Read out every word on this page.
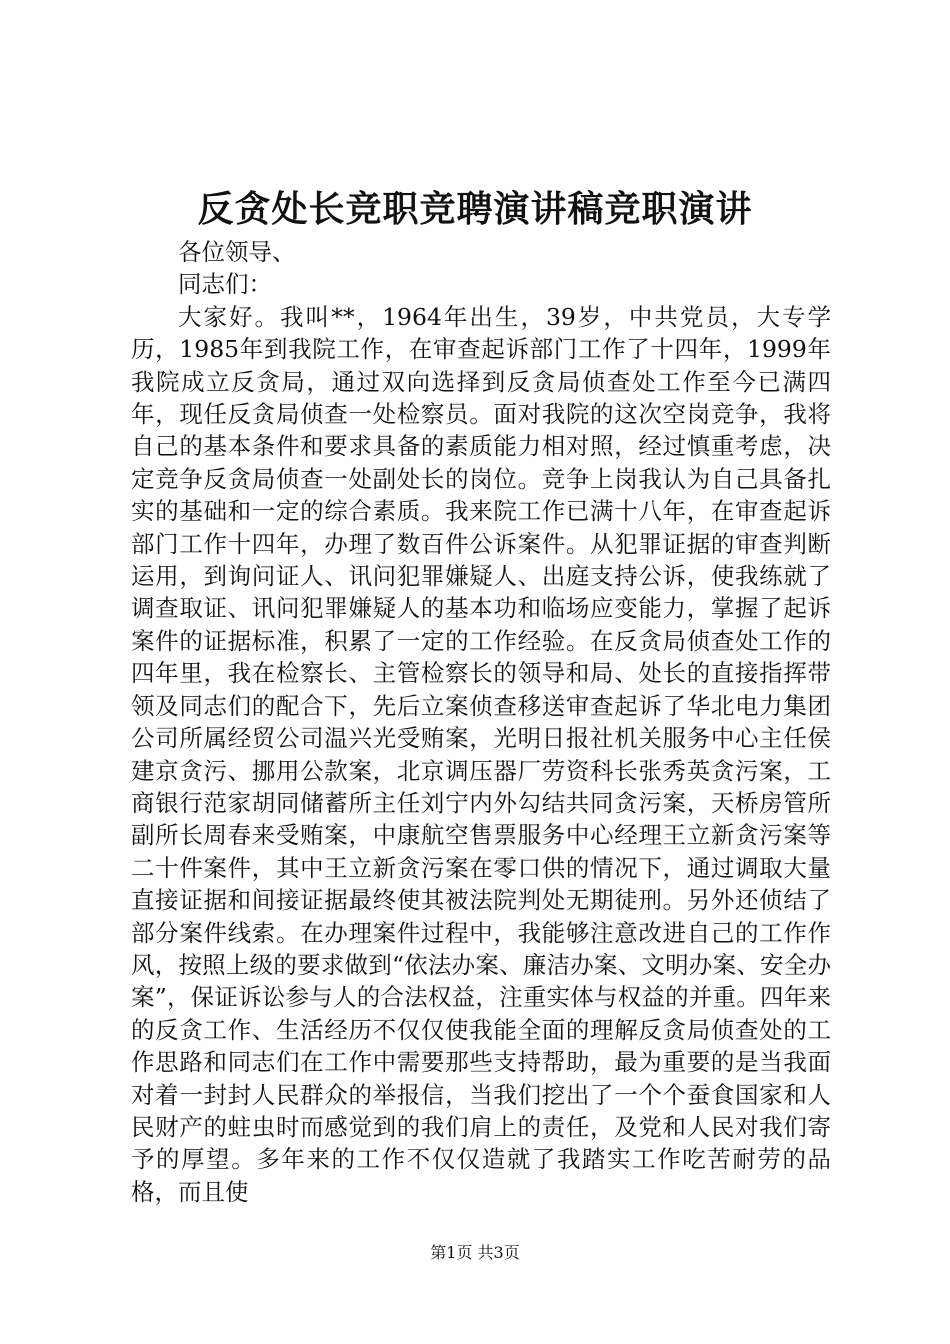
反贪处长竞职竞聘演讲稿竞职演讲

各位领导、

同志们：

大家好。我叫**，1964年出生，39岁，中共党员，大专学历，1985年到我院工作，在审查起诉部门工作了十四年，1999年我院成立反贪局，通过双向选择到反贪局侦查处工作至今已满四年，现任反贪局侦查一处检察员。面对我院的这次空岗竞争，我将自己的基本条件和要求具备的素质能力相对照，经过慎重考虑，决定竞争反贪局侦查一处副处长的岗位。竞争上岗我认为自己具备扎实的基础和一定的综合素质。我来院工作已满十八年，在审查起诉部门工作十四年，办理了数百件公诉案件。从犯罪证据的审查判断运用，到询问证人、讯问犯罪嫌疑人、出庭支持公诉，使我练就了调查取证、讯问犯罪嫌疑人的基本功和临场应变能力，掌握了起诉案件的证据标准，积累了一定的工作经验。在反贪局侦查处工作的四年里，我在检察长、主管检察长的领导和局、处长的直接指挥带领及同志们的配合下，先后立案侦查移送审查起诉了华北电力集团公司所属经贸公司温兴光受贿案，光明日报社机关服务中心主任侯建京贪污、挪用公款案，北京调压器厂劳资科长张秀英贪污案，工商银行范家胡同储蓄所主任刘宁内外勾结共同贪污案，天桥房管所副所长周春来受贿案，中康航空售票服务中心经理王立新贪污案等二十件案件，其中王立新贪污案在零口供的情况下，通过调取大量直接证据和间接证据最终使其被法院判处无期徒刑。另外还侦结了部分案件线索。在办理案件过程中，我能够注意改进自己的工作作风，按照上级的要求做到“依法办案、廉洁办案、文明办案、安全办案”，保证诉讼参与人的合法权益，注重实体与权益的并重。四年来的反贪工作、生活经历不仅仅使我能全面的理解反贪局侦查处的工作思路和同志们在工作中需要那些支持帮助，最为重要的是当我面对着一封封人民群众的举报信，当我们挖出了一个个蚕食国家和人民财产的蛀虫时而感觉到的我们肩上的责任，及党和人民对我们寄予的厚望。多年来的工作不仅仅造就了我踏实工作吃苦耐劳的品格，而且使

第1页 共3页
